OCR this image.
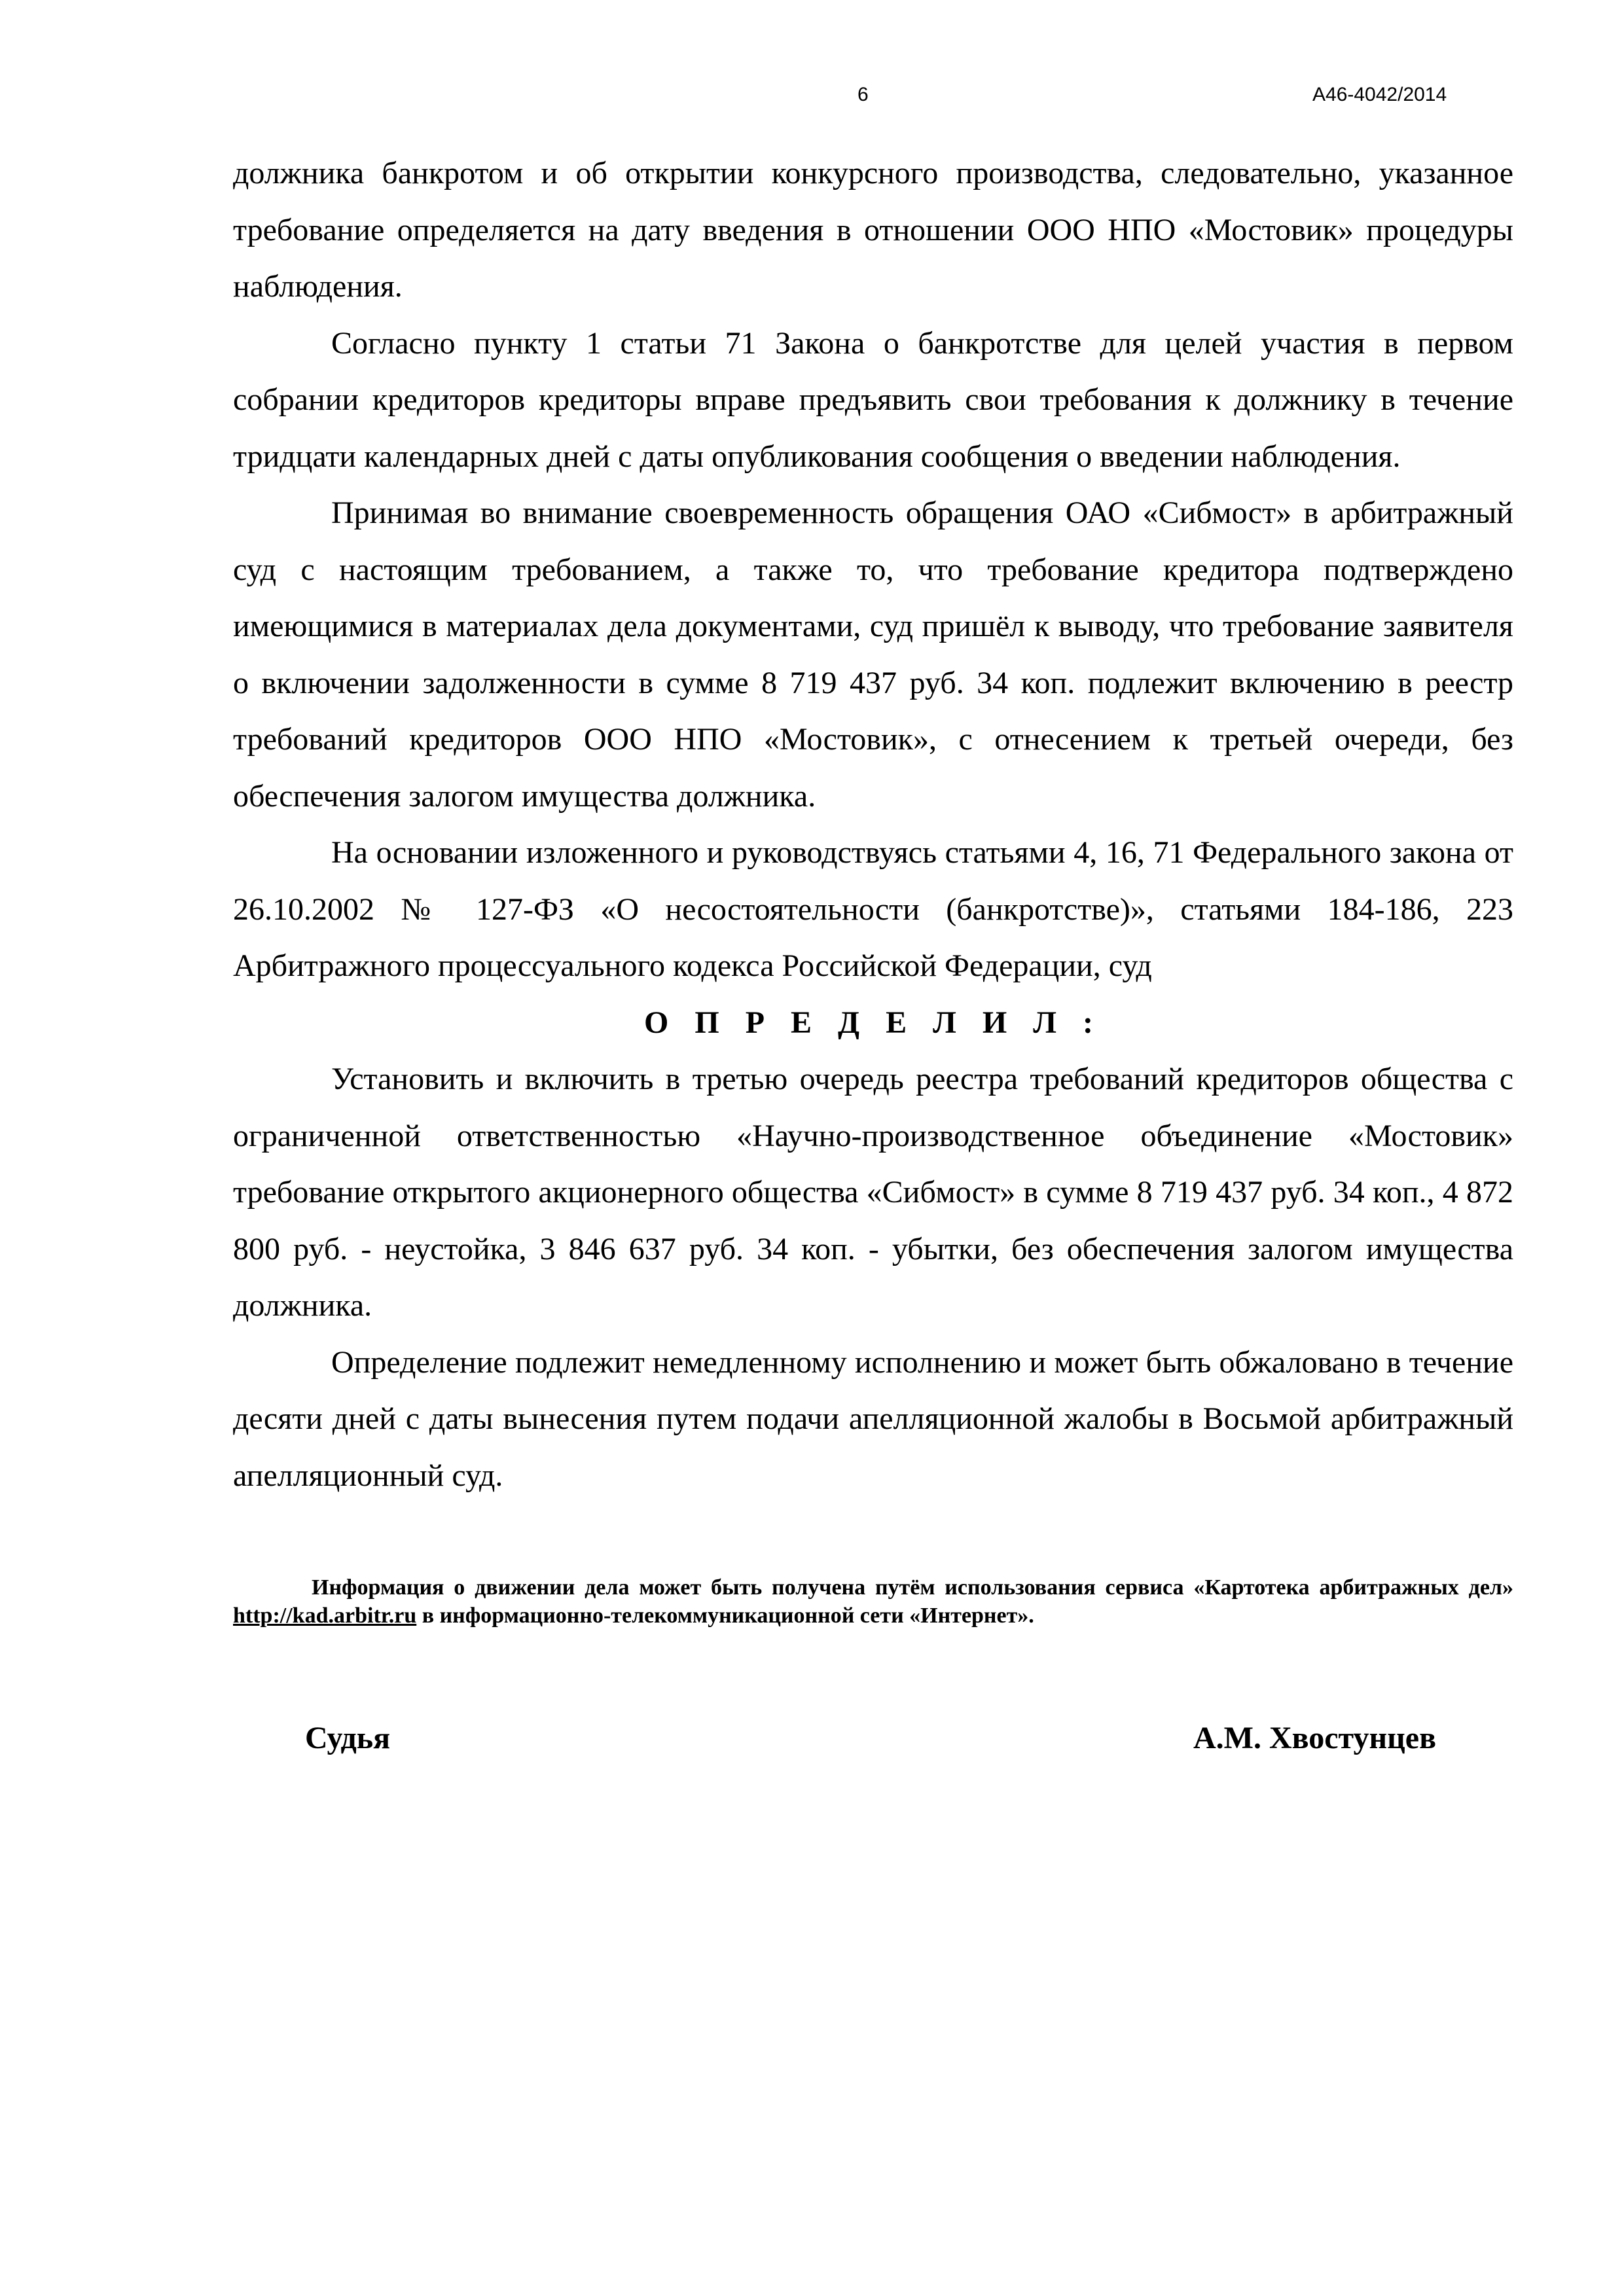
6	А46-4042/2014

должника банкротом и об открытии конкурсного производства, следовательно, указанное требование определяется на дату введения в отношении ООО НПО «Мостовик» процедуры наблюдения.

Согласно пункту 1 статьи 71 Закона о банкротстве для целей участия в первом собрании кредиторов кредиторы вправе предъявить свои требования к должнику в течение тридцати календарных дней с даты опубликования сообщения о введении наблюдения.

Принимая во внимание своевременность обращения ОАО «Сибмост» в арбитражный суд с настоящим требованием, а также то, что требование кредитора подтверждено имеющимися в материалах дела документами, суд пришёл к выводу, что требование заявителя о включении задолженности в сумме 8 719 437 руб. 34 коп. подлежит включению в реестр требований кредиторов ООО НПО «Мостовик», с отнесением к третьей очереди, без обеспечения залогом имущества должника.

На основании изложенного и руководствуясь статьями 4, 16, 71 Федерального закона от 26.10.2002 № 127-ФЗ «О несостоятельности (банкротстве)», статьями 184-186, 223 Арбитражного процессуального кодекса Российской Федерации, суд

О П Р Е Д Е Л И Л :

Установить и включить в третью очередь реестра требований кредиторов общества с ограниченной ответственностью «Научно-производственное объединение «Мостовик» требование открытого акционерного общества «Сибмост» в сумме 8 719 437 руб. 34 коп., 4 872 800 руб. - неустойка, 3 846 637 руб. 34 коп. - убытки, без обеспечения залогом имущества должника.

Определение подлежит немедленному исполнению и может быть обжаловано в течение десяти дней с даты вынесения путем подачи апелляционной жалобы в Восьмой арбитражный апелляционный суд.

Информация о движении дела может быть получена путём использования сервиса «Картотека арбитражных дел» http://kad.arbitr.ru в информационно-телекоммуникационной сети «Интернет».

Судья	А.М. Хвостунцев
